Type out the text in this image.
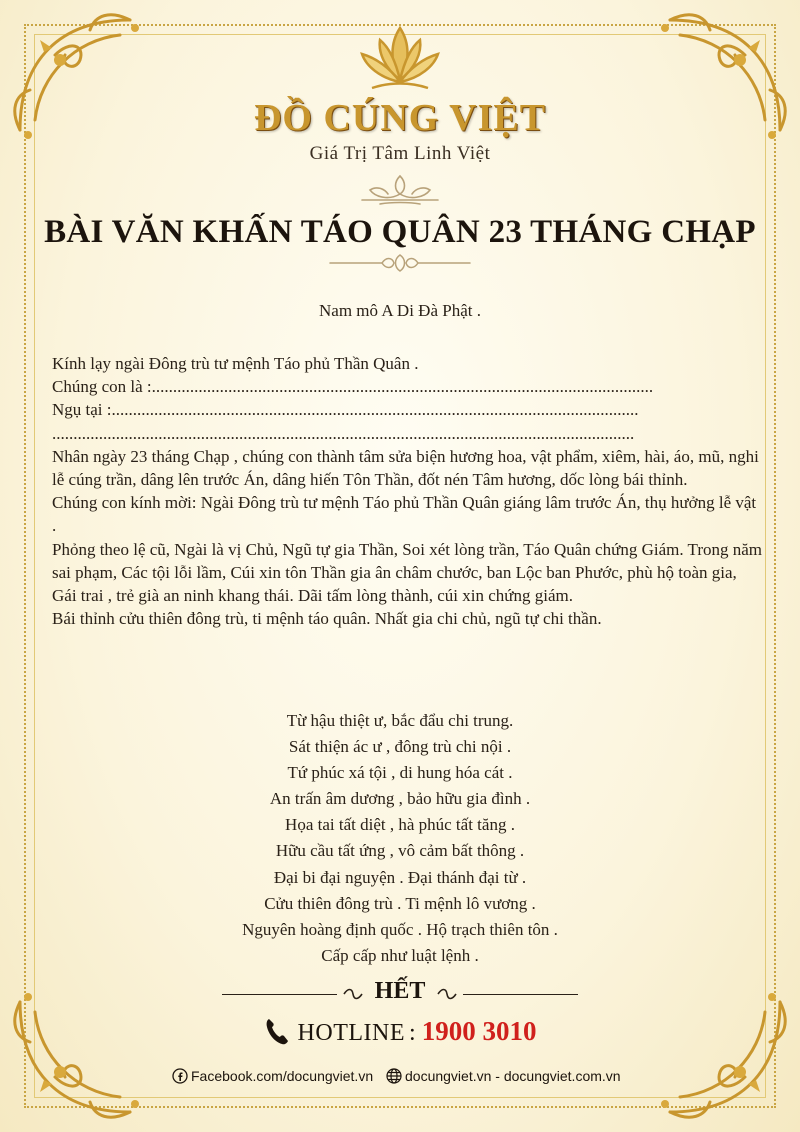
ĐỒ CÚNG VIỆT
Giá Trị Tâm Linh Việt
BÀI VĂN KHẤN TÁO QUÂN 23 THÁNG CHẠP
Nam mô A Di Đà Phật .

Kính lạy ngài Đông trù tư mệnh Táo phủ Thần Quân .

Chúng con là :......................................................................................................................

Ngụ tại :............................................................................................................................

.........................................................................................................................................

Nhân ngày 23 tháng Chạp , chúng con thành tâm sửa biện hương hoa, vật phẩm, xiêm, hài, áo, mũ, nghi lễ cúng trần, dâng lên trước Án, dâng hiến Tôn Thần, đốt nén Tâm hương, dốc lòng bái thỉnh.

Chúng con kính mời: Ngài Đông trù tư mệnh Táo phủ Thần Quân giáng lâm trước Án, thụ hưởng lễ vật .

Phỏng theo lệ cũ, Ngài là vị Chủ, Ngũ tự gia Thần, Soi xét lòng trần, Táo Quân chứng Giám. Trong năm sai phạm, Các tội lỗi lầm, Cúi xin tôn Thần gia ân châm chước, ban Lộc ban Phước, phù hộ toàn gia, Gái trai , trẻ già an ninh khang thái. Dãi tấm lòng thành, cúi xin chứng giám.

Bái thỉnh cửu thiên đông trù, ti mệnh táo quân. Nhất gia chi chủ, ngũ tự chi thần.

Từ hậu thiệt ư, bắc đẩu chi trung.
Sát thiện ác ư , đông trù chi nội .
Tứ phúc xá tội , di hung hóa cát .
An trấn âm dương , bảo hữu gia đình .
Họa tai tất diệt , hà phúc tất tăng .
Hữu cầu tất ứng , vô cảm bất thông .
Đại bi đại nguyện . Đại thánh đại từ .
Cửu thiên đông trù . Ti mệnh lô vương .
Nguyên hoàng định quốc . Hộ trạch thiên tôn .
Cấp cấp như luật lệnh .
HẾT
HOTLINE : 1900 3010
Facebook.com/docungviet.vn	docungviet.vn - docungviet.com.vn
